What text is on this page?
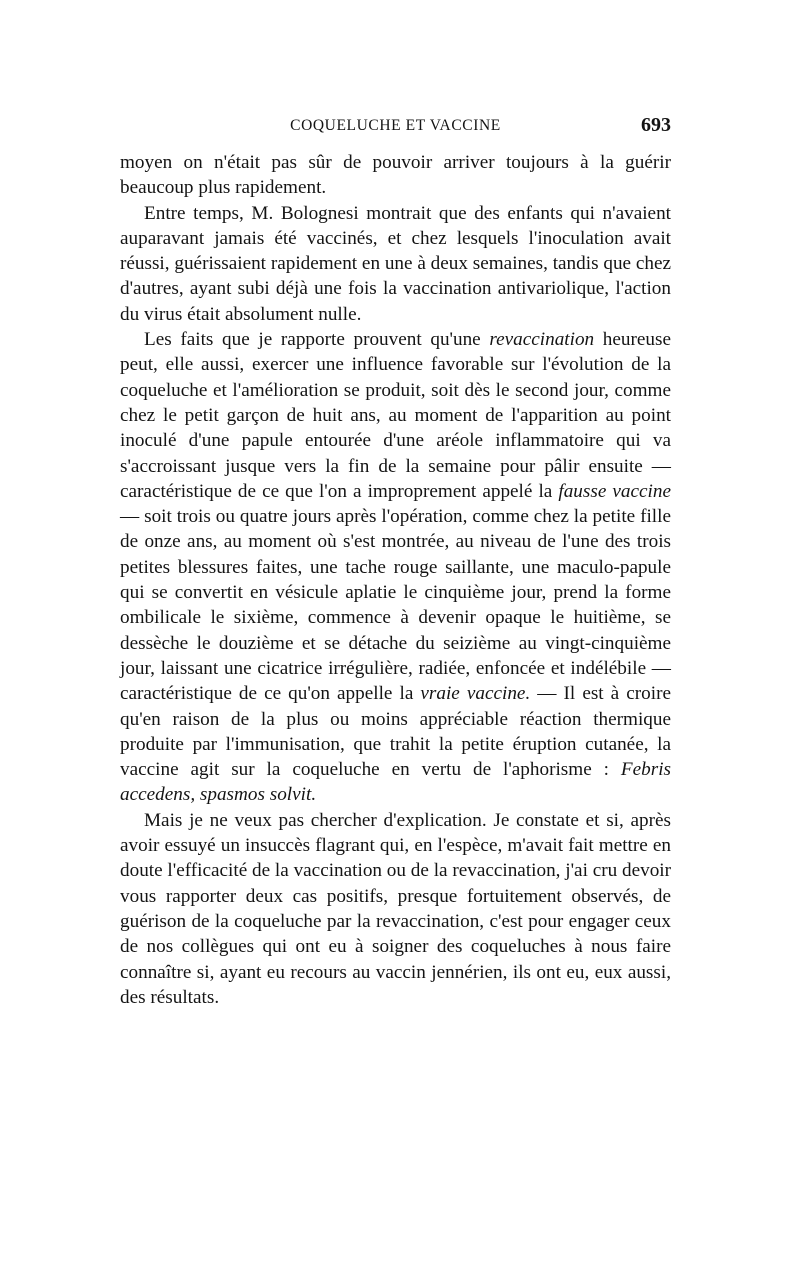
COQUELUCHE ET VACCINE	693

moyen on n'était pas sûr de pouvoir arriver toujours à la guérir beaucoup plus rapidement.

Entre temps, M. Bolognesi montrait que des enfants qui n'avaient auparavant jamais été vaccinés, et chez lesquels l'inoculation avait réussi, guérissaient rapidement en une à deux semaines, tandis que chez d'autres, ayant subi déjà une fois la vaccination antivariolique, l'action du virus était absolument nulle.

Les faits que je rapporte prouvent qu'une revaccination heureuse peut, elle aussi, exercer une influence favorable sur l'évolution de la coqueluche et l'amélioration se produit, soit dès le second jour, comme chez le petit garçon de huit ans, au moment de l'apparition au point inoculé d'une papule entourée d'une aréole inflammatoire qui va s'accroissant jusque vers la fin de la semaine pour pâlir ensuite — caractéristique de ce que l'on a improprement appelé la fausse vaccine — soit trois ou quatre jours après l'opération, comme chez la petite fille de onze ans, au moment où s'est montrée, au niveau de l'une des trois petites blessures faites, une tache rouge saillante, une maculo-papule qui se convertit en vésicule aplatie le cinquième jour, prend la forme ombilicale le sixième, commence à devenir opaque le huitième, se dessèche le douzième et se détache du seizième au vingt-cinquième jour, laissant une cicatrice irrégulière, radiée, enfoncée et indélébile — caractéristique de ce qu'on appelle la vraie vaccine. — Il est à croire qu'en raison de la plus ou moins appréciable réaction thermique produite par l'immunisation, que trahit la petite éruption cutanée, la vaccine agit sur la coqueluche en vertu de l'aphorisme : Febris accedens, spasmos solvit.

Mais je ne veux pas chercher d'explication. Je constate et si, après avoir essuyé un insuccès flagrant qui, en l'espèce, m'avait fait mettre en doute l'efficacité de la vaccination ou de la revaccination, j'ai cru devoir vous rapporter deux cas positifs, presque fortuitement observés, de guérison de la coqueluche par la revaccination, c'est pour engager ceux de nos collègues qui ont eu à soigner des coqueluches à nous faire connaître si, ayant eu recours au vaccin jennérien, ils ont eu, eux aussi, des résultats.
